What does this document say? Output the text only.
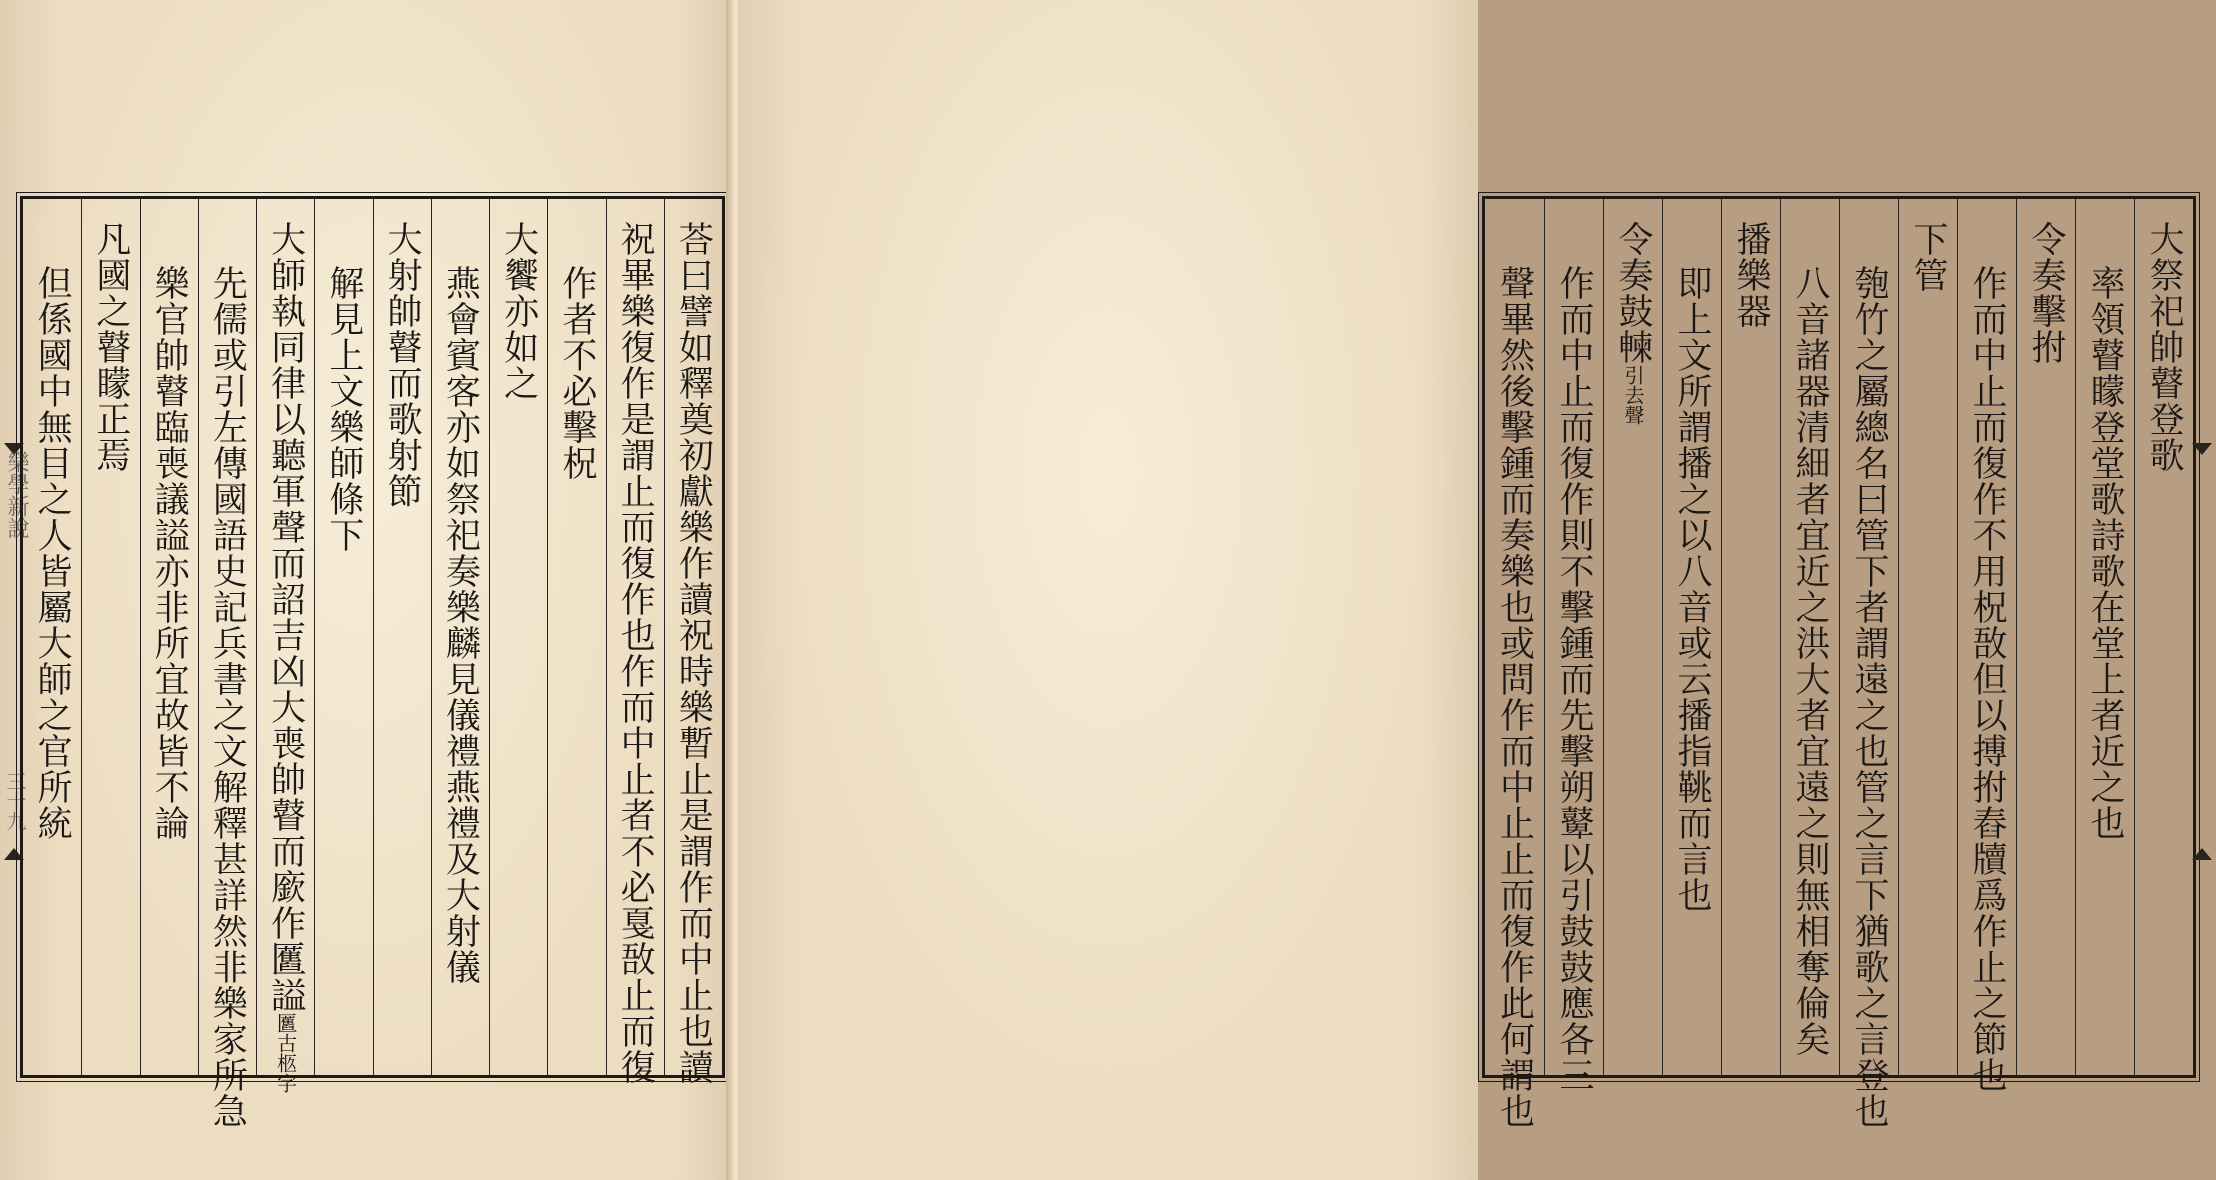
樂學新說
三十九	荅曰譬如釋奠初獻樂作讀祝時樂暫止是謂作而中止也讀
祝畢樂復作是謂止而復作也作而中止者不必戛敔止而復
作者不必擊柷
大饗亦如之
燕會賓客亦如祭祀奏樂麟見儀禮燕禮及大射儀
大射帥瞽而歌射節
解見上文樂師條下
大師執同律以聽軍聲而詔吉凶大喪帥瞽而廞作匶謚
匶古柩字
先儒或引左傳國語史記兵書之文解釋甚詳然非樂家所急
樂官帥瞽臨喪議謚亦非所宜故皆不論
凡國之瞽矇正焉
但係國中無目之人皆屬大師之官所統	大祭祀帥瞽登歌
率領瞽矇登堂歌詩歌在堂上者近之也
令奏擊拊
作而中止而復作不用柷敔但以搏拊舂牘爲作止之節也
下管
匏竹之屬總名曰管下者謂遠之也管之言下猶歌之言登也
八音諸器清細者宜近之洪大者宜遠之則無相奪倫矣
播樂器
即上文所謂播之以八音或云播指鞉而言也
令奏鼓朄
引去聲
作而中止而復作則不擊鍾而先擊朔鼙以引鼓鼓應各三
聲畢然後擊鍾而奏樂也或問作而中止止而復作此何謂也
